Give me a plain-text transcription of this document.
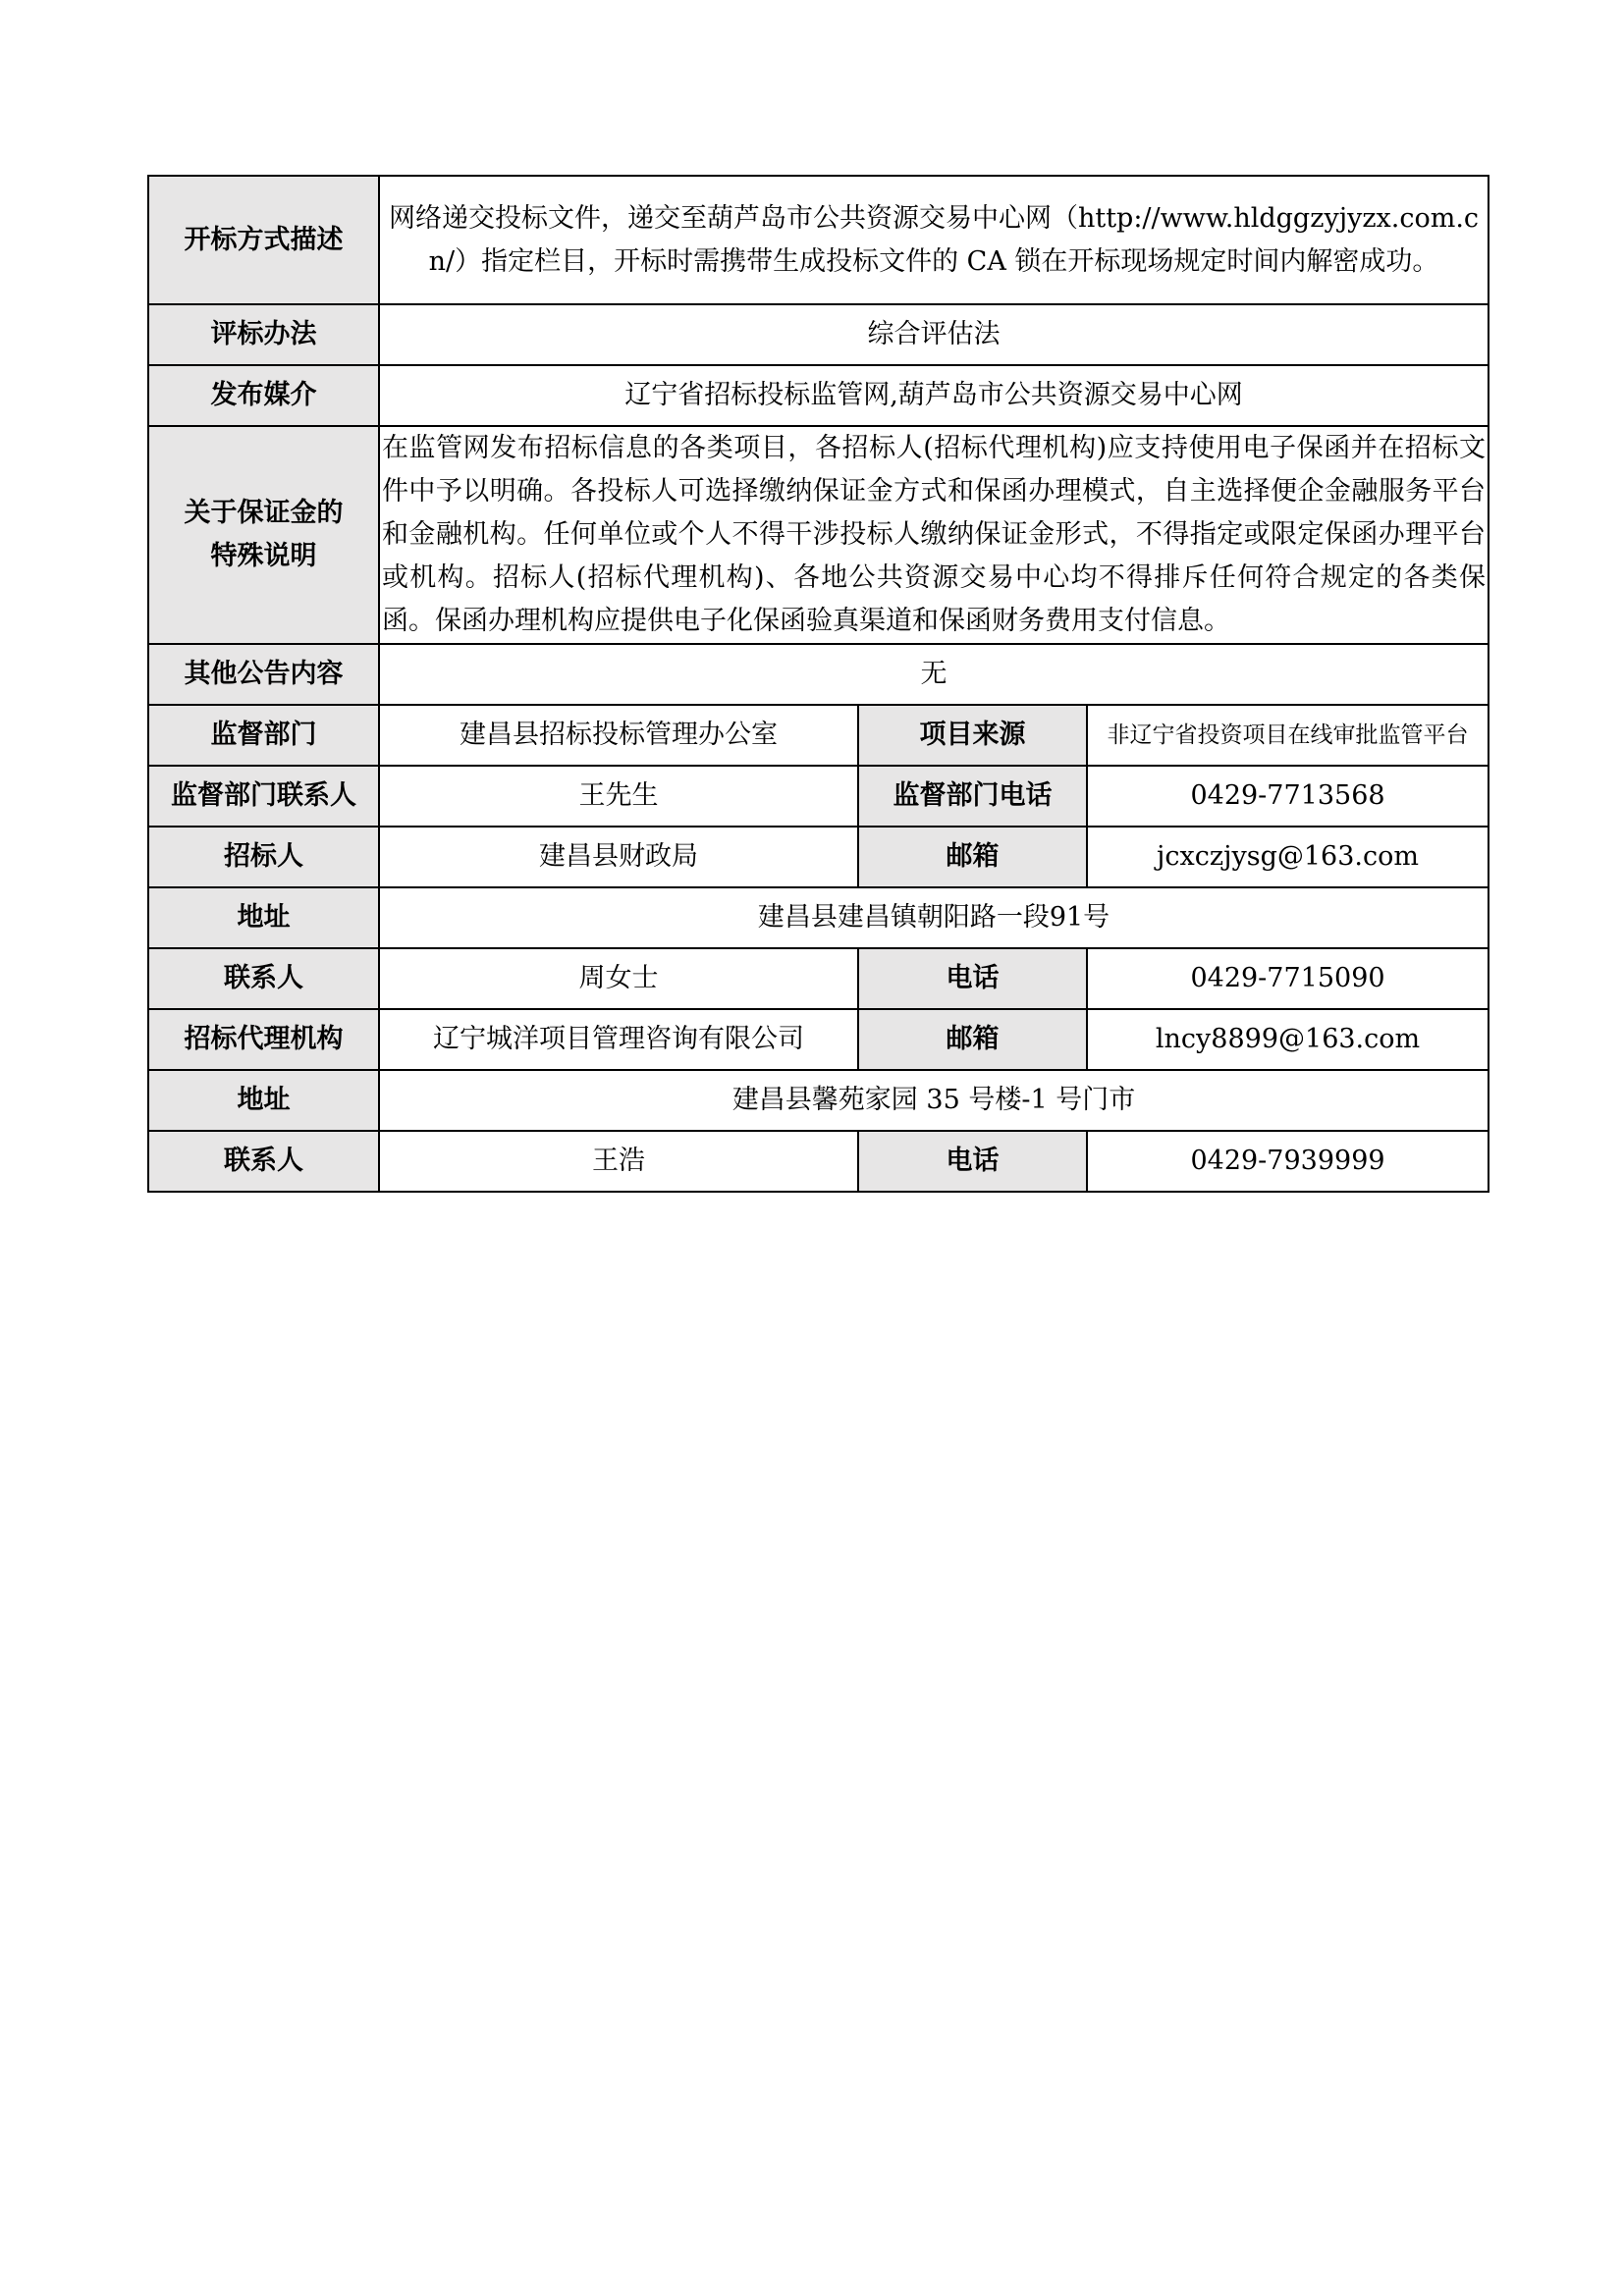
开标方式描述	网络递交投标文件，递交至葫芦岛市公共资源交易中心网（http://www.hldggzyjyzx.com.cn/）指定栏目，开标时需携带生成投标文件的 CA 锁在开标现场规定时间内解密成功。		
评标办法	综合评估法		
发布媒介	辽宁省招标投标监管网,葫芦岛市公共资源交易中心网		

关于保证金的
特殊说明	在监管网发布招标信息的各类项目，各招标人(招标代理机构)应支持使用电子保函并在招标文件中予以明确。各投标人可选择缴纳保证金方式和保函办理模式，自主选择便企金融服务平台和金融机构。任何单位或个人不得干涉投标人缴纳保证金形式，不得指定或限定保函办理平台或机构。招标人(招标代理机构)、各地公共资源交易中心均不得排斥任何符合规定的各类保函。保函办理机构应提供电子化保函验真渠道和保函财务费用支付信息。		
其他公告内容	无		
监督部门	建昌县招标投标管理办公室	项目来源	非辽宁省投资项目在线审批监管平台
监督部门联系人	王先生	监督部门电话	0429-7713568
招标人	建昌县财政局	邮箱	jcxczjysg@163.com
地址	建昌县建昌镇朝阳路一段91号		
联系人	周女士	电话	0429-7715090
招标代理机构	辽宁城洋项目管理咨询有限公司	邮箱	lncy8899@163.com
地址	建昌县馨苑家园 35 号楼-1 号门市		
联系人	王浩	电话	0429-7939999
